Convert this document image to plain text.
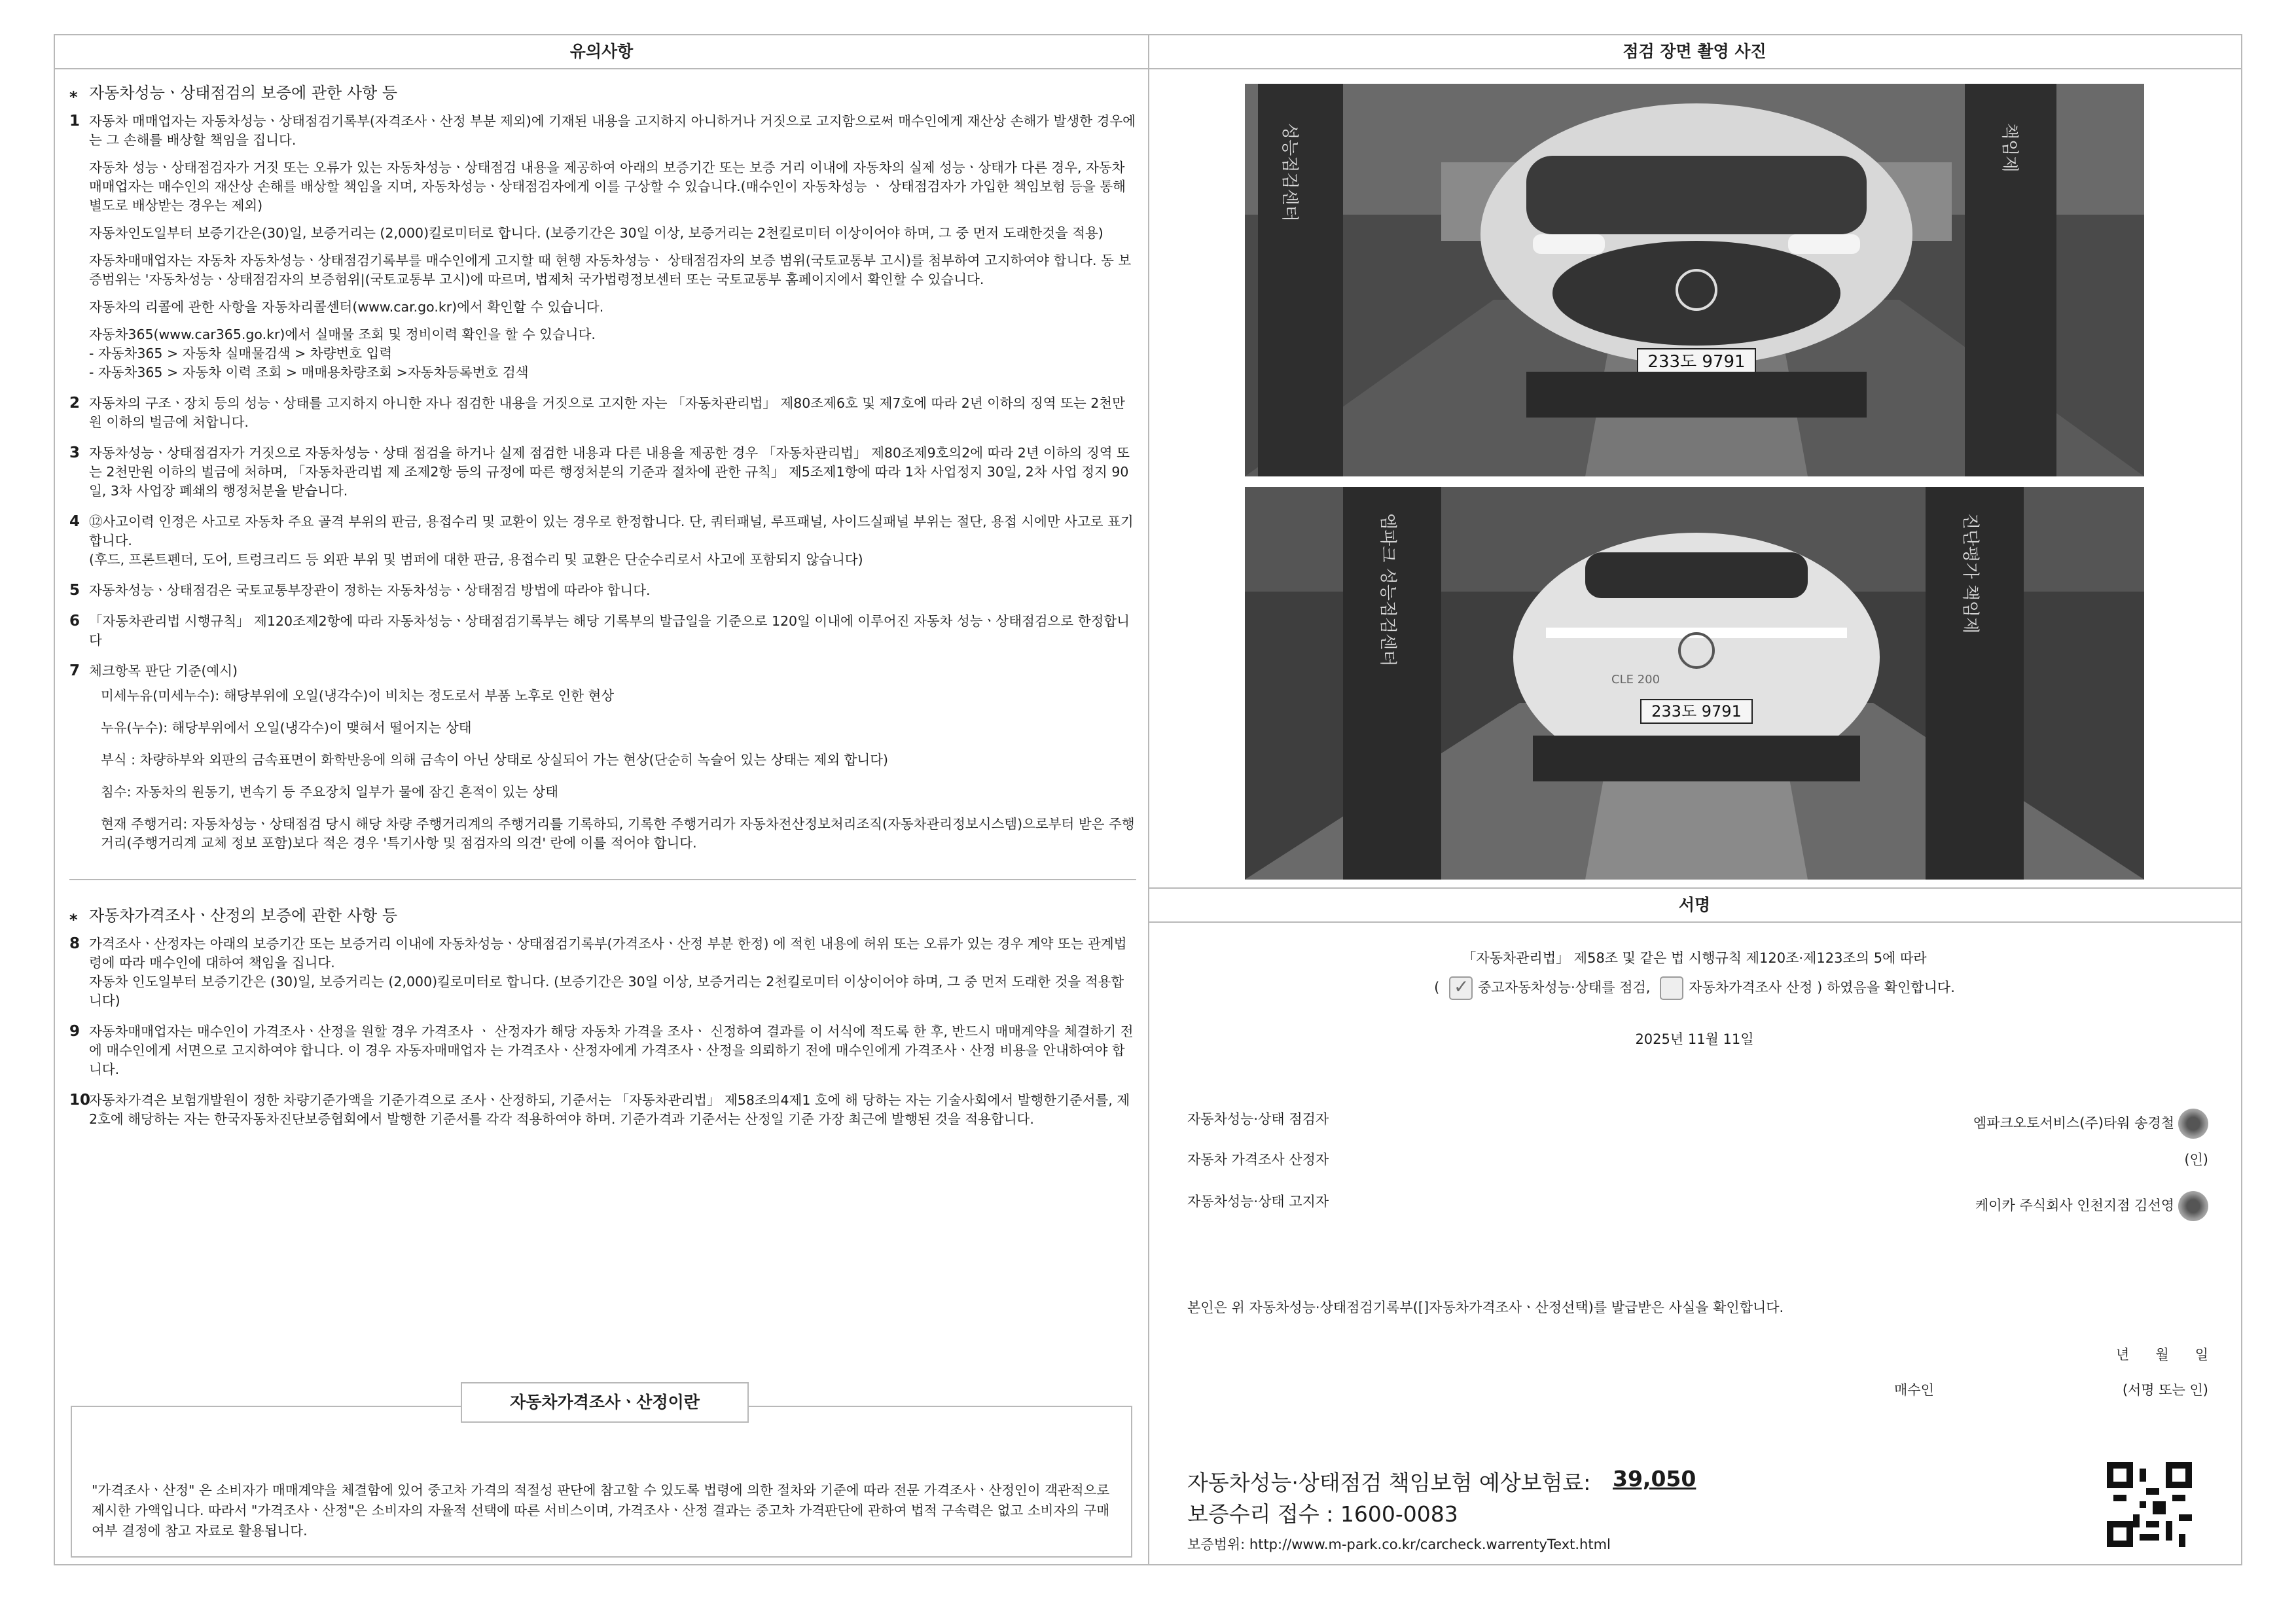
유의사항
⁎ 자동차성능ㆍ상태점검의 보증에 관한 사항 등
1 자동차 매매업자는 자동차성능ㆍ상태점검기록부(자격조사ㆍ산정 부분 제외)에 기재된 내용을 고지하지 아니하거나 거짓으로 고지함으로써 매수인에게 재산상 손해가 발생한 경우에는 그 손해를 배상할 책임을 집니다.

자동차 성능ㆍ상태점검자가 거짓 또는 오류가 있는 자동차성능ㆍ상태점검 내용을 제공하여 아래의 보증기간 또는 보증 거리 이내에 자동차의 실제 성능ㆍ상태가 다른 경우, 자동차매매업자는 매수인의 재산상 손해를 배상할 책임을 지며, 자동차성능ㆍ상태점검자에게 이를 구상할 수 있습니다.(매수인이 자동차성능 ㆍ 상태점검자가 가입한 책임보험 등을 통해 별도로 배상받는 경우는 제외)

자동차인도일부터 보증기간은(30)일, 보증거리는 (2,000)킬로미터로 합니다. (보증기간은 30일 이상, 보증거리는 2천킬로미터 이상이어야 하며, 그 중 먼저 도래한것을 적용)

자동차매매업자는 자동차 자동차성능ㆍ상태점검기록부를 매수인에게 고지할 때 현행 자동차성능ㆍ 상태점검자의 보증 범위(국토교통부 고시)를 첨부하여 고지하여야 합니다. 동 보증범위는 '자동차성능ㆍ상태점검자의 보증험위|(국토교통부 고시)에 따르며, 법제처 국가법령정보센터 또는 국토교통부 홈페이지에서 확인할 수 있습니다.

자동차의 리콜에 관한 사항을 자동차리콜센터(www.car.go.kr)에서 확인할 수 있습니다.

자동차365(www.car365.go.kr)에서 실매물 조회 및 정비이력 확인을 할 수 있습니다.
- 자동차365 > 자동차 실매물검색 > 차량번호 입력
- 자동차365 > 자동차 이력 조회 > 매매용차량조회 >자동차등록번호 검색

2 자동차의 구조ㆍ장치 등의 성능ㆍ상태를 고지하지 아니한 자나 점검한 내용을 거짓으로 고지한 자는 「자동차관리법」 제80조제6호 및 제7호에 따라 2년 이하의 징역 또는 2천만원 이하의 벌금에 처합니다.

3 자동차성능ㆍ상태점검자가 거짓으로 자동차성능ㆍ상태 점검을 하거나 실제 점검한 내용과 다른 내용을 제공한 경우 「자동차관리법」 제80조제9호의2에 따라 2년 이하의 징역 또는 2천만원 이하의 벌금에 처하며, 「자동차관리법 제 조제2항 등의 규정에 따른 행정처분의 기준과 절차에 관한 규칙」 제5조제1항에 따라 1차 사업정지 30일, 2차 사업 정지 90일, 3차 사업장 폐쇄의 행정처분을 받습니다.

4 ⑫사고이력 인정은 사고로 자동차 주요 골격 부위의 판금, 용접수리 및 교환이 있는 경우로 한정합니다. 단, 쿼터패널, 루프패널, 사이드실패널 부위는 절단, 용접 시에만 사고로 표기합니다.
(후드, 프론트펜더, 도어, 트렁크리드 등 외판 부위 및 범퍼에 대한 판금, 용접수리 및 교환은 단순수리로서 사고에 포함되지 않습니다)

5 자동차성능ㆍ상태점검은 국토교통부장관이 정하는 자동차성능ㆍ상태점검 방법에 따라야 합니다.

6 「자동차관리법 시행규칙」 제120조제2항에 따라 자동차성능ㆍ상태점검기록부는 해당 기록부의 발급일을 기준으로 120일 이내에 이루어진 자동차 성능ㆍ상태점검으로 한정합니다

7 체크항목 판단 기준(예시)

미세누유(미세누수): 해당부위에 오일(냉각수)이 비치는 정도로서 부품 노후로 인한 현상

누유(누수): 해당부위에서 오일(냉각수)이 맺혀서 떨어지는 상태

부식 : 차량하부와 외판의 금속표면이 화학반응에 의해 금속이 아닌 상태로 상실되어 가는 현상(단순히 녹슬어 있는 상태는 제외 합니다)

침수: 자동차의 원동기, 변속기 등 주요장치 일부가 물에 잠긴 흔적이 있는 상태

현재 주행거리: 자동차성능ㆍ상태점검 당시 해당 차량 주행거리계의 주행거리를 기록하되, 기록한 주행거리가 자동차전산정보처리조직(자동차관리정보시스템)으로부터 받은 주행거리(주행거리계 교체 정보 포함)보다 적은 경우 '특기사항 및 점검자의 의견' 란에 이를 적어야 합니다.

⁎ 자동차가격조사ㆍ산정의 보증에 관한 사항 등
8 가격조사ㆍ산정자는 아래의 보증기간 또는 보증거리 이내에 자동차성능ㆍ상태점검기록부(가격조사ㆍ산정 부분 한정) 에 적힌 내용에 허위 또는 오류가 있는 경우 계약 또는 관계법령에 따라 매수인에 대하여 책임을 집니다.
자동차 인도일부터 보증기간은 (30)일, 보증거리는 (2,000)킬로미터로 합니다. (보증기간은 30일 이상, 보증거리는 2천킬로미터 이상이어야 하며, 그 중 먼저 도래한 것을 적용합니다)

9 자동차매매업자는 매수인이 가격조사ㆍ산정을 원할 경우 가격조사 ㆍ 산정자가 해당 자동차 가격을 조사ㆍ 신정하여 결과를 이 서식에 적도록 한 후, 반드시 매매계약을 체결하기 전에 매수인에게 서면으로 고지하여야 합니다. 이 경우 자동자매매업자 는 가격조사ㆍ산정자에게 가격조사ㆍ산정을 의뢰하기 전에 매수인에게 가격조사ㆍ산정 비용을 안내하여야 합니다.

10

자동차가격은 보험개발원이 정한 차량기준가액을 기준가격으로 조사ㆍ산정하되, 기준서는 「자동차관리법」 제58조의4제1 호에 해 당하는 자는 기술사회에서 발행한기준서를, 제2호에 해당하는 자는 한국자동차진단보증협회에서 발행한 기준서를 각각 적용하여야 하며. 기준가격과 기준서는 산정일 기준 가장 최근에 발행된 것을 적용합니다.

"가격조사ㆍ산정" 은 소비자가 매매계약을 체결함에 있어 중고차 가격의 적절성 판단에 참고할 수 있도록 법령에 의한 절차와 기준에 따라 전문 가격조사ㆍ산정인이 객관적으로 제시한 가액입니다. 따라서 "가격조사ㆍ산정"은 소비자의 자율적 선택에 따른 서비스이며, 가격조사ㆍ산정 결과는 중고차 가격판단에 관하여 법적 구속력은 없고 소비자의 구매 여부 결정에 참고 자료로 활용됩니다.
자동차가격조사ㆍ산정이란
점검 장면 촬영 사진
성능점검센터	책임제
233도 9791
엠파크 성능점검센터	진단평가 책임제
CLE 200
233도 9791
서명
「자동차관리법」 제58조 및 같은 법 시행규칙 제120조·제123조의 5에 따라
( ✓	중고자동차성능·상태를 점검,	자동차가격조사 산정 ) 하였음을 확인합니다.
2025년 11월 11일
자동차성능·상태 점검자	엠파크오토서비스(주)타워 송경철
자동차 가격조사 산정자	(인)
자동차성능·상태 고지자	케이카 주식회사 인천지점 김선영
본인은 위 자동차성능·상태점검기록부([]자동차가격조사ㆍ산정선택)를 발급받은 사실을 확인합니다.
년 월 일
매수인	(서명 또는 인)
자동차성능·상태점검 책임보험 예상보험료: 39,050
보증수리 접수 : 1600-0083
보증범위: http://www.m-park.co.kr/carcheck.warrentyText.html
